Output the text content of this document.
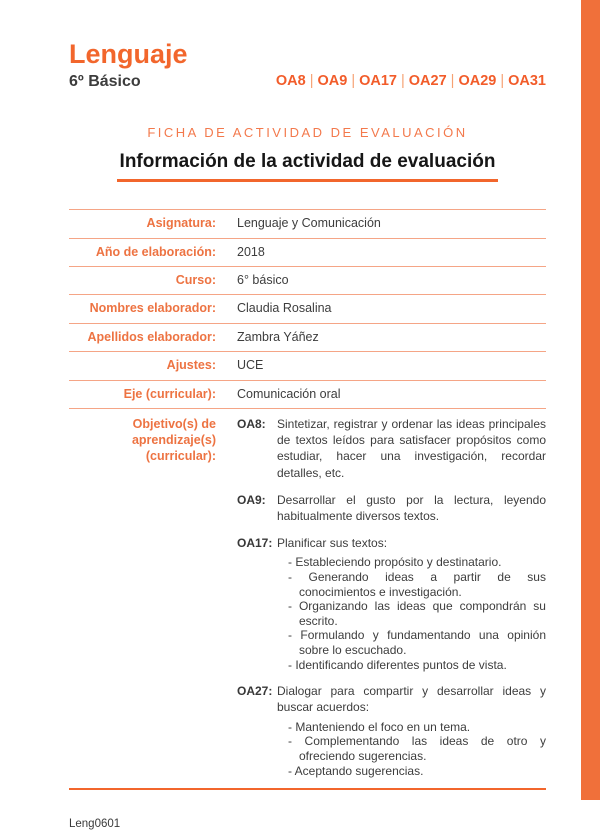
Lenguaje
6º Básico	OA8 | OA9 | OA17 | OA27 | OA29 | OA31
FICHA DE ACTIVIDAD DE EVALUACIÓN
Información de la actividad de evaluación
Asignatura: Lenguaje y Comunicación
Año de elaboración: 2018
Curso: 6° básico
Nombres elaborador: Claudia Rosalina
Apellidos elaborador: Zambra Yáñez
Ajustes: UCE
Eje (curricular): Comunicación oral
Objetivo(s) de
aprendizaje(s)
(curricular):
OA8: Sintetizar, registrar y ordenar las ideas principales de textos leídos para satisfacer propósitos como estudiar, hacer una investigación, recordar detalles, etc.
OA9: Desarrollar el gusto por la lectura, leyendo habitualmente diversos textos.
OA17: Planificar sus textos:
- Estableciendo propósito y destinatario.
- Generando ideas a partir de sus conocimientos e investigación.
- Organizando las ideas que compondrán su escrito.
- Formulando y fundamentando una opinión sobre lo escuchado.
- Identificando diferentes puntos de vista.
OA27: Dialogar para compartir y desarrollar ideas y buscar acuerdos:
- Manteniendo el foco en un tema.
- Complementando las ideas de otro y ofreciendo sugerencias.
- Aceptando sugerencias.
Leng0601
